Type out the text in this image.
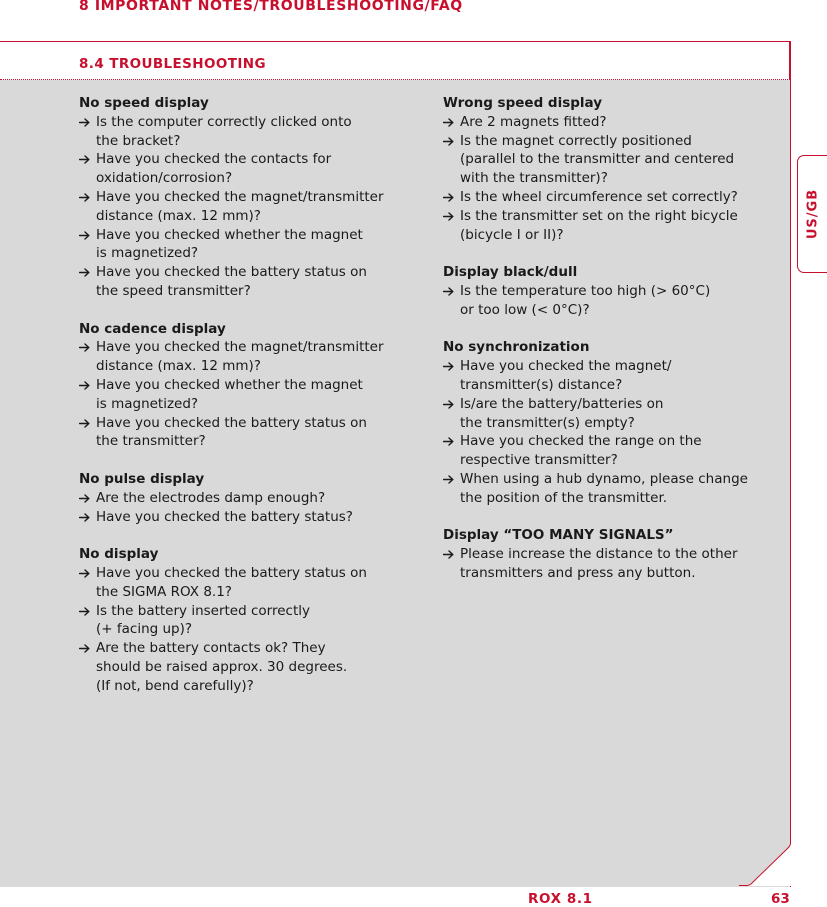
8 IMPORTANT NOTES/TROUBLESHOOTING/FAQ
8.4 TROUBLESHOOTING
No speed display
Is the computer correctly clicked onto
the bracket?
Have you checked the contacts for
oxidation/corrosion?
Have you checked the magnet/transmitter
distance (max. 12 mm)?
Have you checked whether the magnet
is magnetized?
Have you checked the battery status on
the speed transmitter?
No cadence display
Have you checked the magnet/transmitter
distance (max. 12 mm)?
Have you checked whether the magnet
is magnetized?
Have you checked the battery status on
the transmitter?
No pulse display
Are the electrodes damp enough?
Have you checked the battery status?
No display
Have you checked the battery status on
the SIGMA ROX 8.1?
Is the battery inserted correctly
(+ facing up)?
Are the battery contacts ok? They
should be raised approx. 30 degrees.
(If not, bend carefully)?
Wrong speed display
Are 2 magnets fitted?
Is the magnet correctly positioned
(parallel to the transmitter and centered
with the transmitter)?
Is the wheel circumference set correctly?
Is the transmitter set on the right bicycle
(bicycle I or II)?
Display black/dull
Is the temperature too high (> 60°C)
or too low (< 0°C)?
No synchronization
Have you checked the magnet/
transmitter(s) distance?
Is/are the battery/batteries on
the transmitter(s) empty?
Have you checked the range on the
respective transmitter?
When using a hub dynamo, please change
the position of the transmitter.
Display “TOO MANY SIGNALS”
Please increase the distance to the other
transmitters and press any button.
US/GB
ROX 8.1	63
